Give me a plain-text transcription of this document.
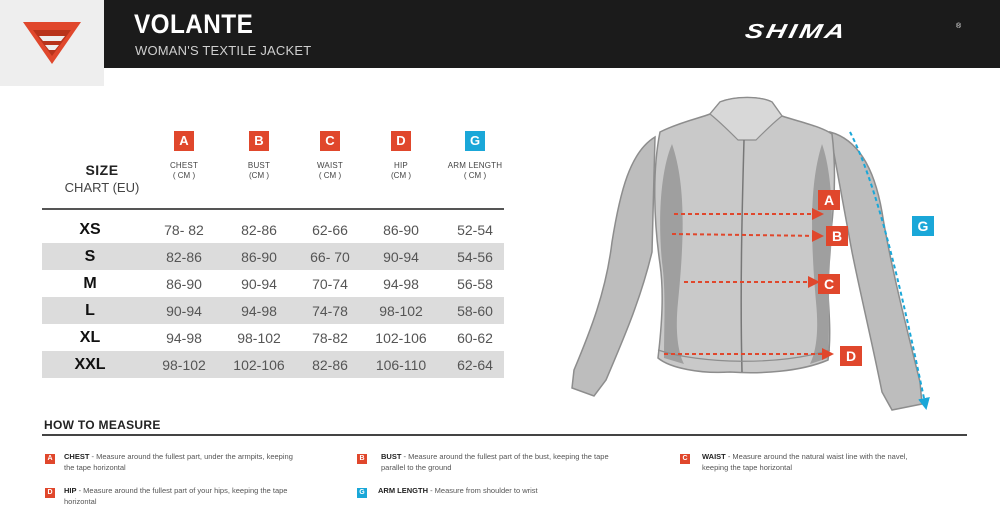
VOLANTE
WOMAN'S TEXTILE JACKET
SHIMA	®
SIZE
CHART (EU)
A
CHEST
( CM )
B
BUST
(CM )
C
WAIST
( CM )
D
HIP
(CM )
G
ARM LENGTH
( CM )
XS	78- 82	82-86	62-66	86-90	52-54
S	82-86	86-90	66- 70	90-94	54-56
M	86-90	90-94	70-74	94-98	56-58
L	90-94	94-98	74-78	98-102	58-60
XL	94-98	98-102	78-82	102-106	60-62
XXL	98-102	102-106	82-86	106-110	62-64
A
B
C
D
G
HOW TO MEASURE
A	CHEST - Measure around the fullest part, under the armpits, keeping
the tape horizontal
B	BUST - Measure around the fullest part of the bust, keeping the tape
parallel to the ground
C	WAIST - Measure around the natural waist line with the navel,
keeping the tape horizontal
D	HIP - Measure around the fullest part of your hips, keeping the tape
horizontal
G	ARM LENGTH - Measure from shoulder to wrist
